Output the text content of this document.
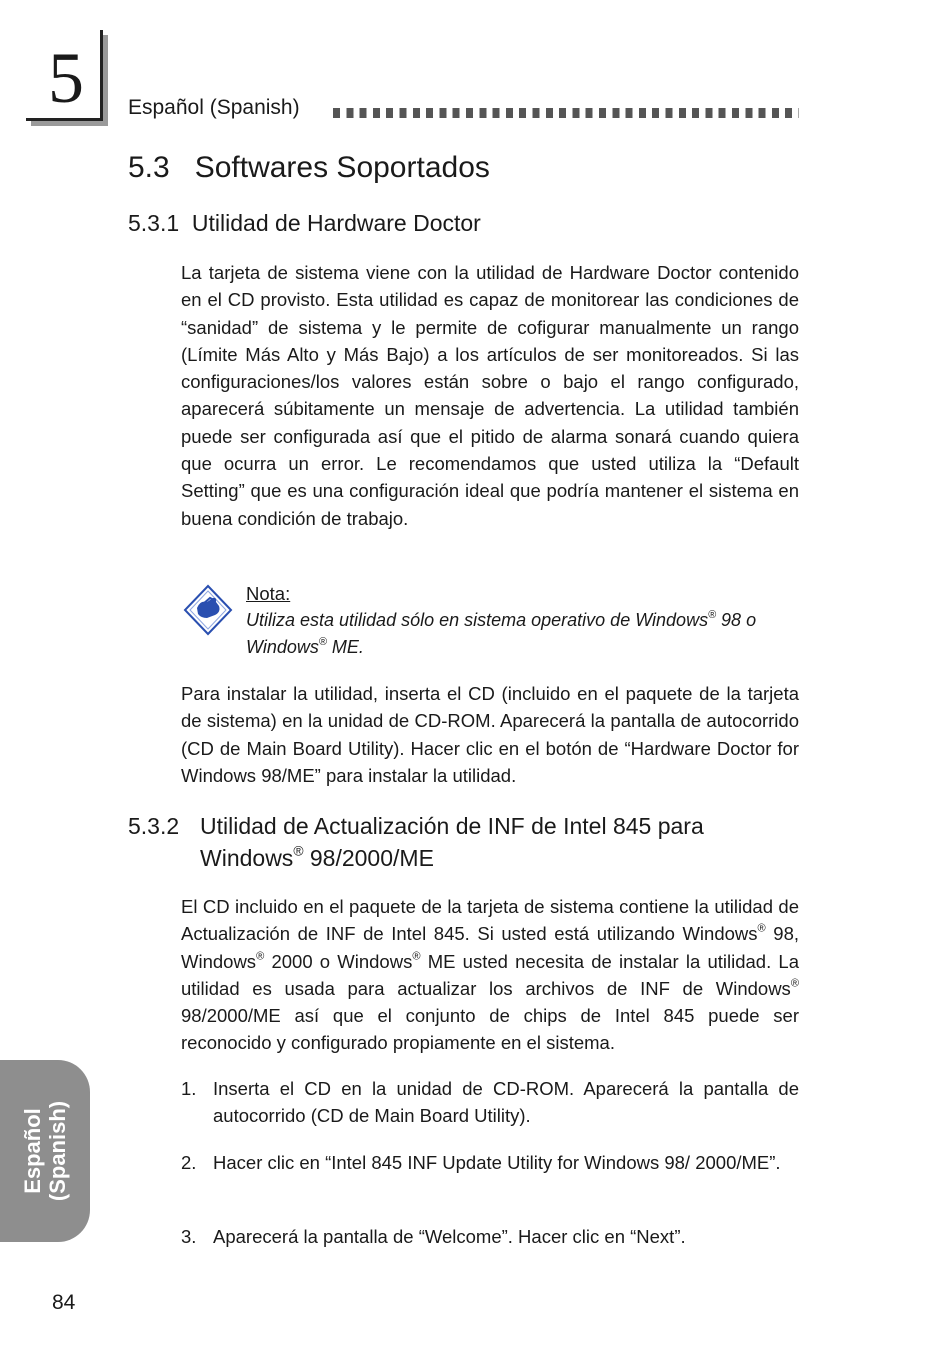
5 Español (Spanish)
5.3   Softwares Soportados
5.3.1  Utilidad de Hardware Doctor

La tarjeta de sistema viene con la utilidad de Hardware Doctor contenido en el CD provisto. Esta utilidad es capaz de monitorear las condiciones de “sanidad” de sistema y le permite de cofigurar manualmente un rango (Límite Más Alto y Más Bajo) a los artículos de ser monitoreados. Si las configuraciones/los valores están sobre o bajo el rango configurado, aparecerá súbitamente un mensaje de advertencia. La utilidad también puede ser configurada así que el pitido de alarma sonará cuando quiera que ocurra un error. Le recomendamos que usted utiliza la “Default Setting” que es una configuración ideal que podría mantener el sistema en buena condición de trabajo.

Nota:

Utiliza esta utilidad sólo en sistema operativo de Windows® 98 o Windows® ME.

Para instalar la utilidad, inserta el CD (incluido en el paquete de la tarjeta de sistema) en la unidad de CD-ROM. Aparecerá la pantalla de autocorrido (CD de Main Board Utility). Hacer clic en el botón de “Hardware Doctor for Windows 98/ME” para instalar la utilidad.

5.3.2 Utilidad de Actualización de INF de Intel 845 para
Windows® 98/2000/ME

El CD incluido en el paquete de la tarjeta de sistema contiene la utilidad de Actualización de INF de Intel 845. Si usted está utilizando Windows® 98, Windows® 2000 o Windows® ME usted necesita de instalar la utilidad. La utilidad es usada para actualizar los archivos de INF de Windows® 98/2000/ME así que el conjunto de chips de Intel 845 puede ser reconocido y configurado propiamente en el sistema.

1. Inserta el CD en la unidad de CD-ROM. Aparecerá la pantalla de autocorrido (CD de Main Board Utility).

2. Hacer clic en “Intel 845 INF Update Utility for Windows 98/ 2000/ME”.

3. Aparecerá la pantalla de “Welcome”. Hacer clic en “Next”.

Español (Spanish)
84
